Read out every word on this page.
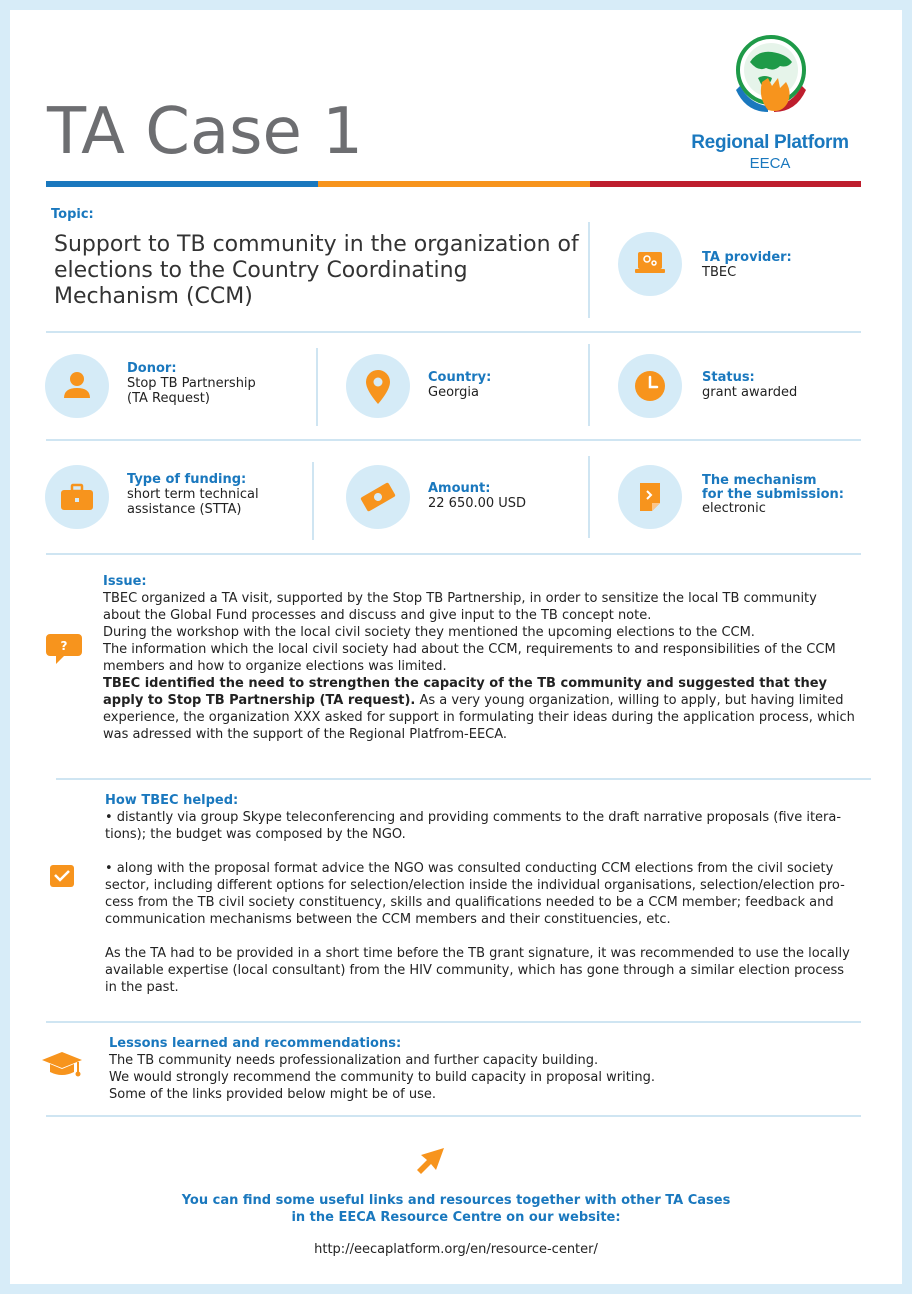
TA Case 1	Regional Platform
EECA
Topic:
Support to TB community in the organization of elections to the Country Coordinating Mechanism (CCM)
TA provider:
TBEC
Donor:
Stop TB Partnership
(TA Request)
Country:
Georgia
Status:
grant awarded
Type of funding:
short term technical
assistance (STTA)
Amount:
22 650.00 USD
The mechanism
for the submission:
electronic
?
Issue:

TBEC organized a TA visit, supported by the Stop TB Partnership, in order to sensitize the local TB community about the Global Fund processes and discuss and give input to the TB concept note.

During the workshop with the local civil society they mentioned the upcoming elections to the CCM.

The information which the local civil society had about the CCM, requirements to and responsibilities of the CCM members and how to organize elections was limited.

TBEC identified the need to strengthen the capacity of the TB community and suggested that they apply to Stop TB Partnership (TA request). As a very young organization, willing to apply, but having limited experience, the organization XXX asked for support in formulating their ideas during the application process, which was adressed with the support of the Regional Platfrom-EECA.

How TBEC helped:

• distantly via group Skype teleconferencing and providing comments to the draft narrative proposals (five itera-tions); the budget was composed by the NGO.

• along with the proposal format advice the NGO was consulted conducting CCM elections from the civil society sector, including different options for selection/election inside the individual organisations, selection/election pro-cess from the TB civil society constituency, skills and qualifications needed to be a CCM member; feedback and communication mechanisms between the CCM members and their constituencies, etc.

As the TA had to be provided in a short time before the TB grant signature, it was recommended to use the locally available expertise (local consultant) from the HIV community, which has gone through a similar election process in the past.

Lessons learned and recommendations:

The TB community needs professionalization and further capacity building.

We would strongly recommend the community to build capacity in proposal writing.

Some of the links provided below might be of use.

You can find some useful links and resources together with other TA Cases
in the EECA Resource Centre on our website:
http://eecaplatform.org/en/resource-center/
